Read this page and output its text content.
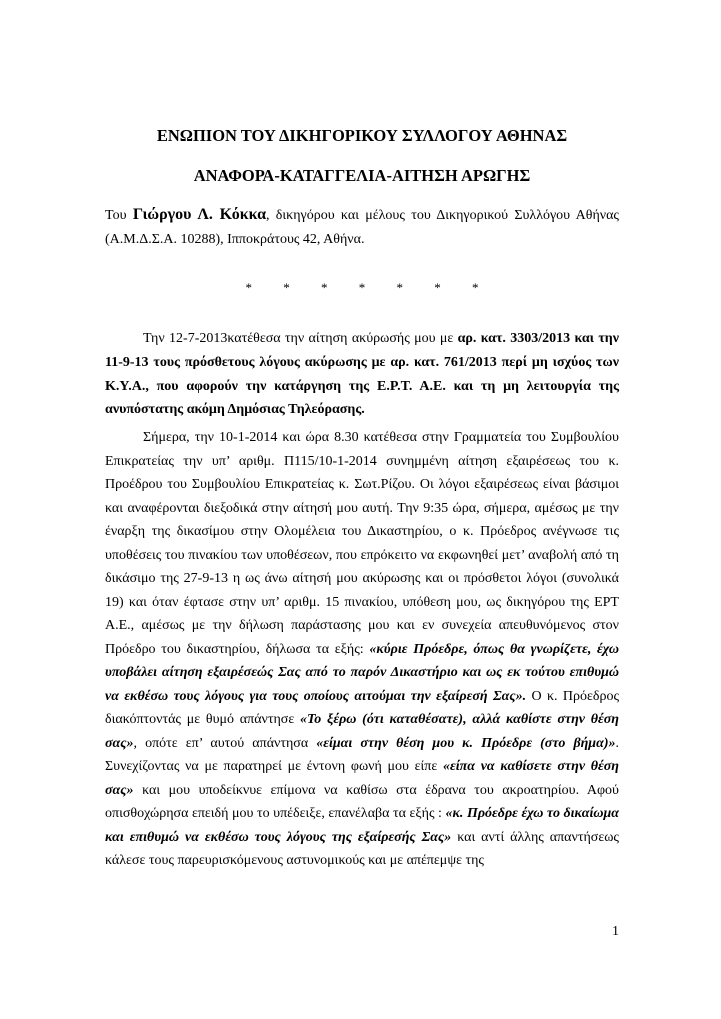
ΕΝΩΠΙΟΝ ΤΟΥ ΔΙΚΗΓΟΡΙΚΟΥ ΣΥΛΛΟΓΟΥ ΑΘΗΝΑΣ
ΑΝΑΦΟΡΑ-ΚΑΤΑΓΓΕΛΙΑ-ΑΙΤΗΣΗ ΑΡΩΓΗΣ
Του Γιώργου Λ. Κόκκα, δικηγόρου και μέλους του Δικηγορικού Συλλόγου Αθήνας (Α.Μ.Δ.Σ.Α. 10288), Ιπποκράτους 42, Αθήνα.
* * * * * * *
Την 12-7-2013κατέθεσα την αίτηση ακύρωσής μου με αρ. κατ. 3303/2013 και την 11-9-13 τους πρόσθετους λόγους ακύρωσης με αρ. κατ. 761/2013 περί μη ισχύος των Κ.Υ.Α., που αφορούν την κατάργηση της Ε.Ρ.Τ. Α.Ε. και τη μη λειτουργία της ανυπόστατης ακόμη Δημόσιας Τηλεόρασης.
Σήμερα, την 10-1-2014 και ώρα 8.30 κατέθεσα στην Γραμματεία του Συμβουλίου Επικρατείας την υπ’ αριθμ. Π115/10-1-2014 συνημμένη αίτηση εξαιρέσεως του κ. Προέδρου του Συμβουλίου Επικρατείας κ. Σωτ.Ρίζου. Οι λόγοι εξαιρέσεως είναι βάσιμοι και αναφέρονται διεξοδικά στην αίτησή μου αυτή. Την 9:35 ώρα, σήμερα, αμέσως με την έναρξη της δικασίμου στην Ολομέλεια του Δικαστηρίου, ο κ. Πρόεδρος ανέγνωσε τις υποθέσεις του πινακίου των υποθέσεων, που επρόκειτο να εκφωνηθεί μετ’ αναβολή από τη δικάσιμο της 27-9-13 η ως άνω αίτησή μου ακύρωσης και οι πρόσθετοι λόγοι (συνολικά 19) και όταν έφτασε στην υπ’ αριθμ. 15 πινακίου, υπόθεση μου, ως δικηγόρου της ΕΡΤ Α.Ε., αμέσως με την δήλωση παράστασης μου και εν συνεχεία απευθυνόμενος στον Πρόεδρο του δικαστηρίου, δήλωσα τα εξής: «κύριε Πρόεδρε, όπως θα γνωρίζετε, έχω υποβάλει αίτηση εξαιρέσεώς Σας από το παρόν Δικαστήριο και ως εκ τούτου επιθυμώ να εκθέσω τους λόγους για τους οποίους αιτούμαι την εξαίρεσή Σας». Ο κ. Πρόεδρος διακόπτοντάς με θυμό απάντησε «Το ξέρω (ότι καταθέσατε), αλλά καθίστε στην θέση σας», οπότε επ’ αυτού απάντησα «είμαι στην θέση μου κ. Πρόεδρε (στο βήμα)». Συνεχίζοντας να με παρατηρεί με έντονη φωνή μου είπε «είπα να καθίσετε στην θέση σας» και μου υποδείκνυε επίμονα να καθίσω στα έδρανα του ακροατηρίου. Αφού οπισθοχώρησα επειδή μου το υπέδειξε, επανέλαβα τα εξής : «κ. Πρόεδρε έχω το δικαίωμα και επιθυμώ να εκθέσω τους λόγους της εξαίρεσής Σας» και αντί άλλης απαντήσεως κάλεσε τους παρευρισκόμενους αστυνομικούς και με απέπεμψε της
1
